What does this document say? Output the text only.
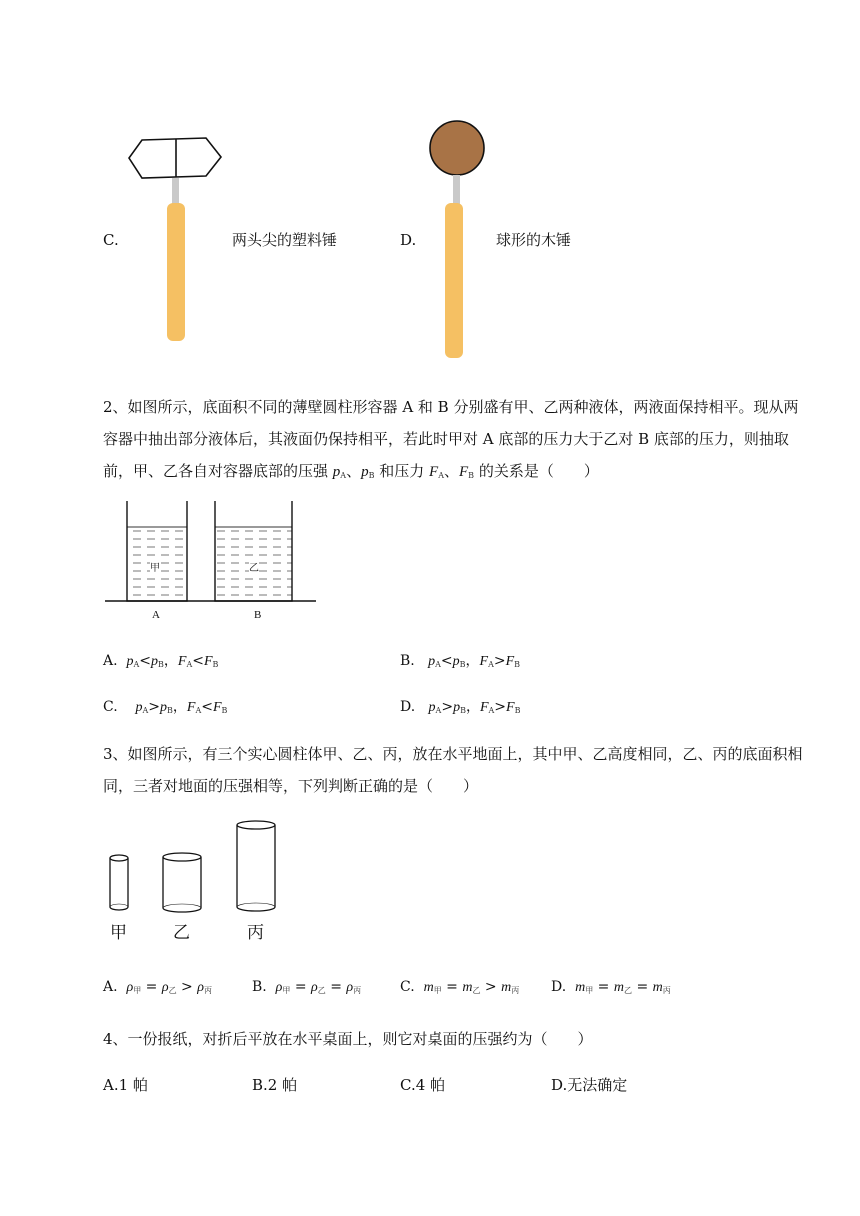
C.	两头尖的塑料锤	D.	球形的木锤
2、如图所示，底面积不同的薄壁圆柱形容器 A 和 B 分别盛有甲、乙两种液体，两液面保持相平。现从两容器中抽出部分液体后，其液面仍保持相平，若此时甲对 A 底部的压力大于乙对 B 底部的压力，则抽取前，甲、乙各自对容器底部的压强 $p_A$、$p_B$ 和压力 $F_A$、$F_B$ 的关系是（　　）
甲	乙
A	B
A. $p_A<p_B$，$F_A<F_B$	B. $p_A<p_B$，$F_A>F_B$
C. $p_A>p_B$，$F_A<F_B$	D. $p_A>p_B$，$F_A>F_B$
3、如图所示，有三个实心圆柱体甲、乙、丙，放在水平地面上，其中甲、乙高度相同，乙、丙的底面积相同，三者对地面的压强相等，下列判断正确的是（　　）
甲	乙	丙
A. $\rho_甲 = \rho_乙 > \rho_丙$	B. $\rho_甲 = \rho_乙 = \rho_丙$	C. $m_甲 = m_乙 > m_丙$ D. $m_甲 = m_乙 = m_丙$
4、一份报纸，对折后平放在水平桌面上，则它对桌面的压强约为（　　）
A.1 帕	B.2 帕	C.4 帕	D.无法确定
